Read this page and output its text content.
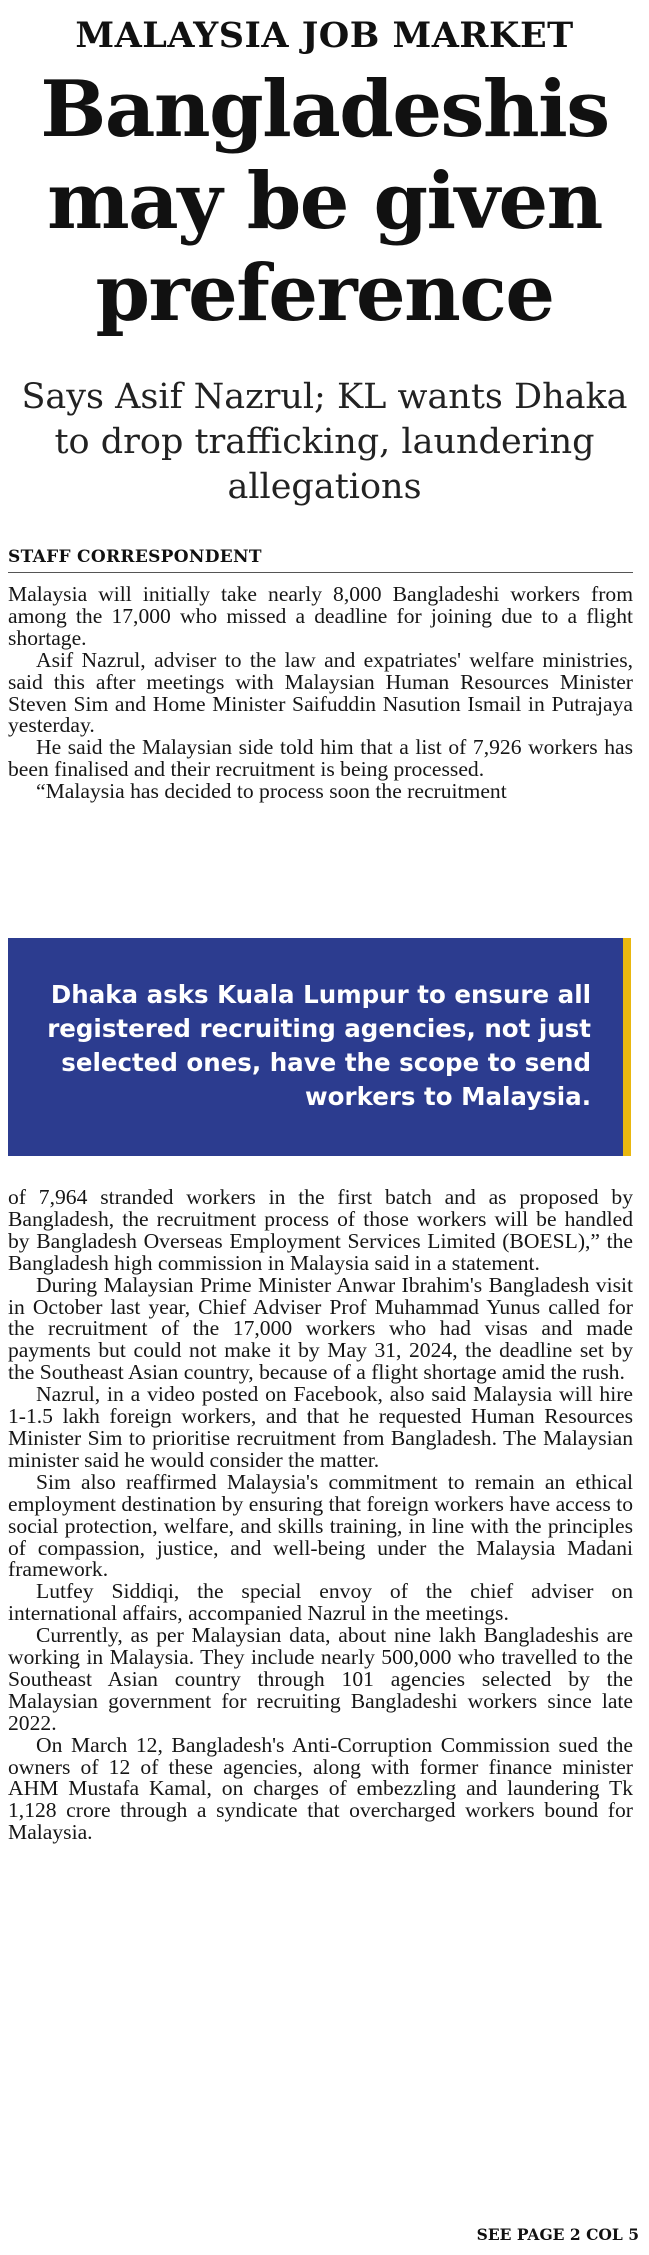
MALAYSIA JOB MARKET
Bangladeshis may be given preference
Says Asif Nazrul; KL wants Dhaka to drop trafficking, laundering allegations
STAFF CORRESPONDENT

Malaysia will initially take nearly 8,000 Bangladeshi workers from among the 17,000 who missed a deadline for joining due to a flight shortage.

Asif Nazrul, adviser to the law and expatriates' welfare ministries, said this after meetings with Malaysian Human Resources Minister Steven Sim and Home Minister Saifuddin Nasution Ismail in Putrajaya yesterday.

He said the Malaysian side told him that a list of 7,926 workers has been finalised and their recruitment is being processed.

“Malaysia has decided to process soon the recruitment

Dhaka asks Kuala Lumpur to ensure all registered recruiting agencies, not just selected ones, have the scope to send workers to Malaysia.

of 7,964 stranded workers in the first batch and as proposed by Bangladesh, the recruitment process of those workers will be handled by Bangladesh Overseas Employment Services Limited (BOESL),” the Bangladesh high commission in Malaysia said in a statement.

During Malaysian Prime Minister Anwar Ibrahim's Bangladesh visit in October last year, Chief Adviser Prof Muhammad Yunus called for the recruitment of the 17,000 workers who had visas and made payments but could not make it by May 31, 2024, the deadline set by the Southeast Asian country, because of a flight shortage amid the rush.

Nazrul, in a video posted on Facebook, also said Malaysia will hire 1-1.5 lakh foreign workers, and that he requested Human Resources Minister Sim to prioritise recruitment from Bangladesh. The Malaysian minister said he would consider the matter.

Sim also reaffirmed Malaysia's commitment to remain an ethical employment destination by ensuring that foreign workers have access to social protection, welfare, and skills training, in line with the principles of compassion, justice, and well-being under the Malaysia Madani framework.

Lutfey Siddiqi, the special envoy of the chief adviser on international affairs, accompanied Nazrul in the meetings.

Currently, as per Malaysian data, about nine lakh Bangladeshis are working in Malaysia. They include nearly 500,000 who travelled to the Southeast Asian country through 101 agencies selected by the Malaysian government for recruiting Bangladeshi workers since late 2022.

On March 12, Bangladesh's Anti-Corruption Commission sued the owners of 12 of these agencies, along with former finance minister AHM Mustafa Kamal, on charges of embezzling and laundering Tk 1,128 crore through a syndicate that overcharged workers bound for Malaysia.

SEE PAGE 2 COL 5
